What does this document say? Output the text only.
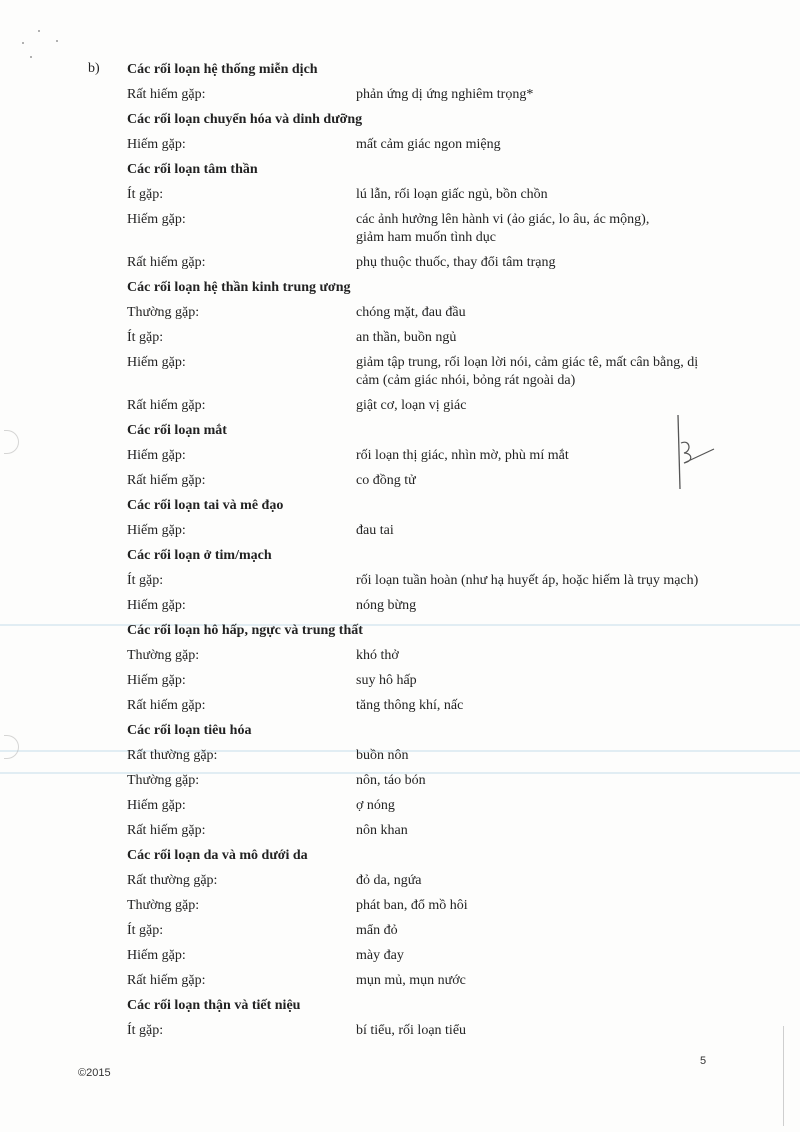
b) Các rối loạn hệ thống miễn dịch
Rất hiếm gặp:	phản ứng dị ứng nghiêm trọng*
Các rối loạn chuyển hóa và dinh dưỡng
Hiếm gặp:	mất cảm giác ngon miệng
Các rối loạn tâm thần
Ít gặp:	lú lẫn, rối loạn giấc ngủ, bồn chồn
Hiếm gặp:	các ảnh hưởng lên hành vi (ảo giác, lo âu, ác mộng),
giảm ham muốn tình dục
Rất hiếm gặp:	phụ thuộc thuốc, thay đổi tâm trạng
Các rối loạn hệ thần kinh trung ương
Thường gặp:	chóng mặt, đau đầu
Ít gặp:	an thần, buồn ngủ
Hiếm gặp:	giảm tập trung, rối loạn lời nói, cảm giác tê, mất cân bằng, dị
cảm (cảm giác nhói, bỏng rát ngoài da)
Rất hiếm gặp:	giật cơ, loạn vị giác
Các rối loạn mắt
Hiếm gặp:	rối loạn thị giác, nhìn mờ, phù mí mắt
Rất hiếm gặp:	co đồng tử
Các rối loạn tai và mê đạo
Hiếm gặp:	đau tai
Các rối loạn ở tim/mạch
Ít gặp:	rối loạn tuần hoàn (như hạ huyết áp, hoặc hiếm là trụy mạch)
Hiếm gặp:	nóng bừng
Các rối loạn hô hấp, ngực và trung thất
Thường gặp:	khó thở
Hiếm gặp:	suy hô hấp
Rất hiếm gặp:	tăng thông khí, nấc
Các rối loạn tiêu hóa
Rất thường gặp:	buồn nôn
Thường gặp:	nôn, táo bón
Hiếm gặp:	ợ nóng
Rất hiếm gặp:	nôn khan
Các rối loạn da và mô dưới da
Rất thường gặp:	đỏ da, ngứa
Thường gặp:	phát ban, đổ mồ hôi
Ít gặp:	mẩn đỏ
Hiếm gặp:	mày đay
Rất hiếm gặp:	mụn mủ, mụn nước
Các rối loạn thận và tiết niệu
Ít gặp:	bí tiểu, rối loạn tiểu
©2015
5
